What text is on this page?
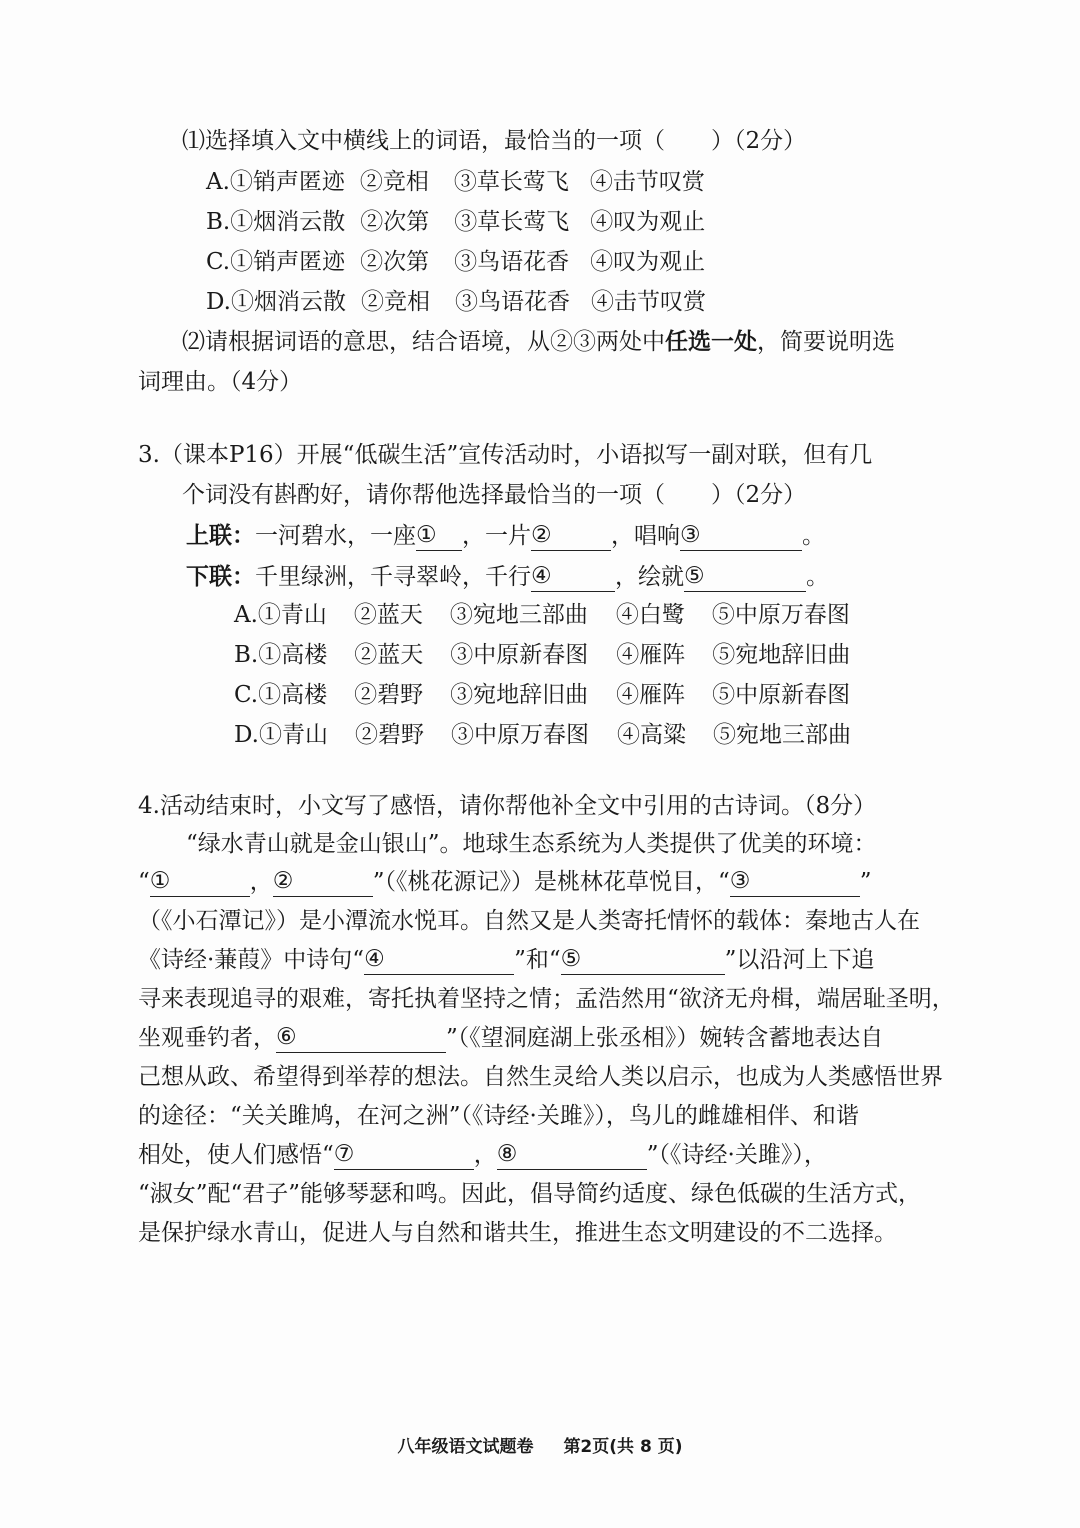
⑴选择填入文中横线上的词语，最恰当的一项（　　）（2分）
A.①销声匿迹 ②竞相 ③草长莺飞 ④击节叹赏
B.①烟消云散 ②次第 ③草长莺飞 ④叹为观止
C.①销声匿迹 ②次第 ③鸟语花香 ④叹为观止
D.①烟消云散 ②竞相 ③鸟语花香 ④击节叹赏
⑵请根据词语的意思，结合语境，从②③两处中任选一处，简要说明选
词理由。（4分）
3.（课本P16）开展“低碳生活”宣传活动时，小语拟写一副对联，但有几
个词没有斟酌好，请你帮他选择最恰当的一项（　　）（2分）
上联：一河碧水，一座 ① ，一片 ②	，唱响 ③	。
下联：千里绿洲，千寻翠岭，千行 ④	，绘就 ⑤	。
A.①青山 ②蓝天 ③宛地三部曲 ④白鹭 ⑤中原万春图
B.①高楼 ②蓝天 ③中原新春图 ④雁阵 ⑤宛地辞旧曲
C.①高楼 ②碧野 ③宛地辞旧曲 ④雁阵 ⑤中原新春图
D.①青山 ②碧野 ③中原万春图 ④高粱 ⑤宛地三部曲
4.活动结束时，小文写了感悟，请你帮他补全文中引用的古诗词。（8分）
“绿水青山就是金山银山”。地球生态系统为人类提供了优美的环境：
“ ①	， ②	”（《桃花源记》）是桃林花草悦目，“ ③	”
（《小石潭记》）是小潭流水悦耳。自然又是人类寄托情怀的载体：秦地古人在
《诗经·蒹葭》中诗句“ ④	”和“ ⑤	”以沿河上下追
寻来表现追寻的艰难，寄托执着坚持之情；孟浩然用“欲济无舟楫，端居耻圣明，
坐观垂钓者， ⑥	”（《望洞庭湖上张丞相》）婉转含蓄地表达自
己想从政、希望得到举荐的想法。自然生灵给人类以启示，也成为人类感悟世界
的途径：“关关雎鸠，在河之洲”（《诗经·关雎》），鸟儿的雌雄相伴、和谐
相处，使人们感悟“ ⑦	， ⑧	”（《诗经·关雎》），
“淑女”配“君子”能够琴瑟和鸣。因此，倡导简约适度、绿色低碳的生活方式，
是保护绿水青山，促进人与自然和谐共生，推进生态文明建设的不二选择。
八年级语文试题卷 第2页(共 8 页)
